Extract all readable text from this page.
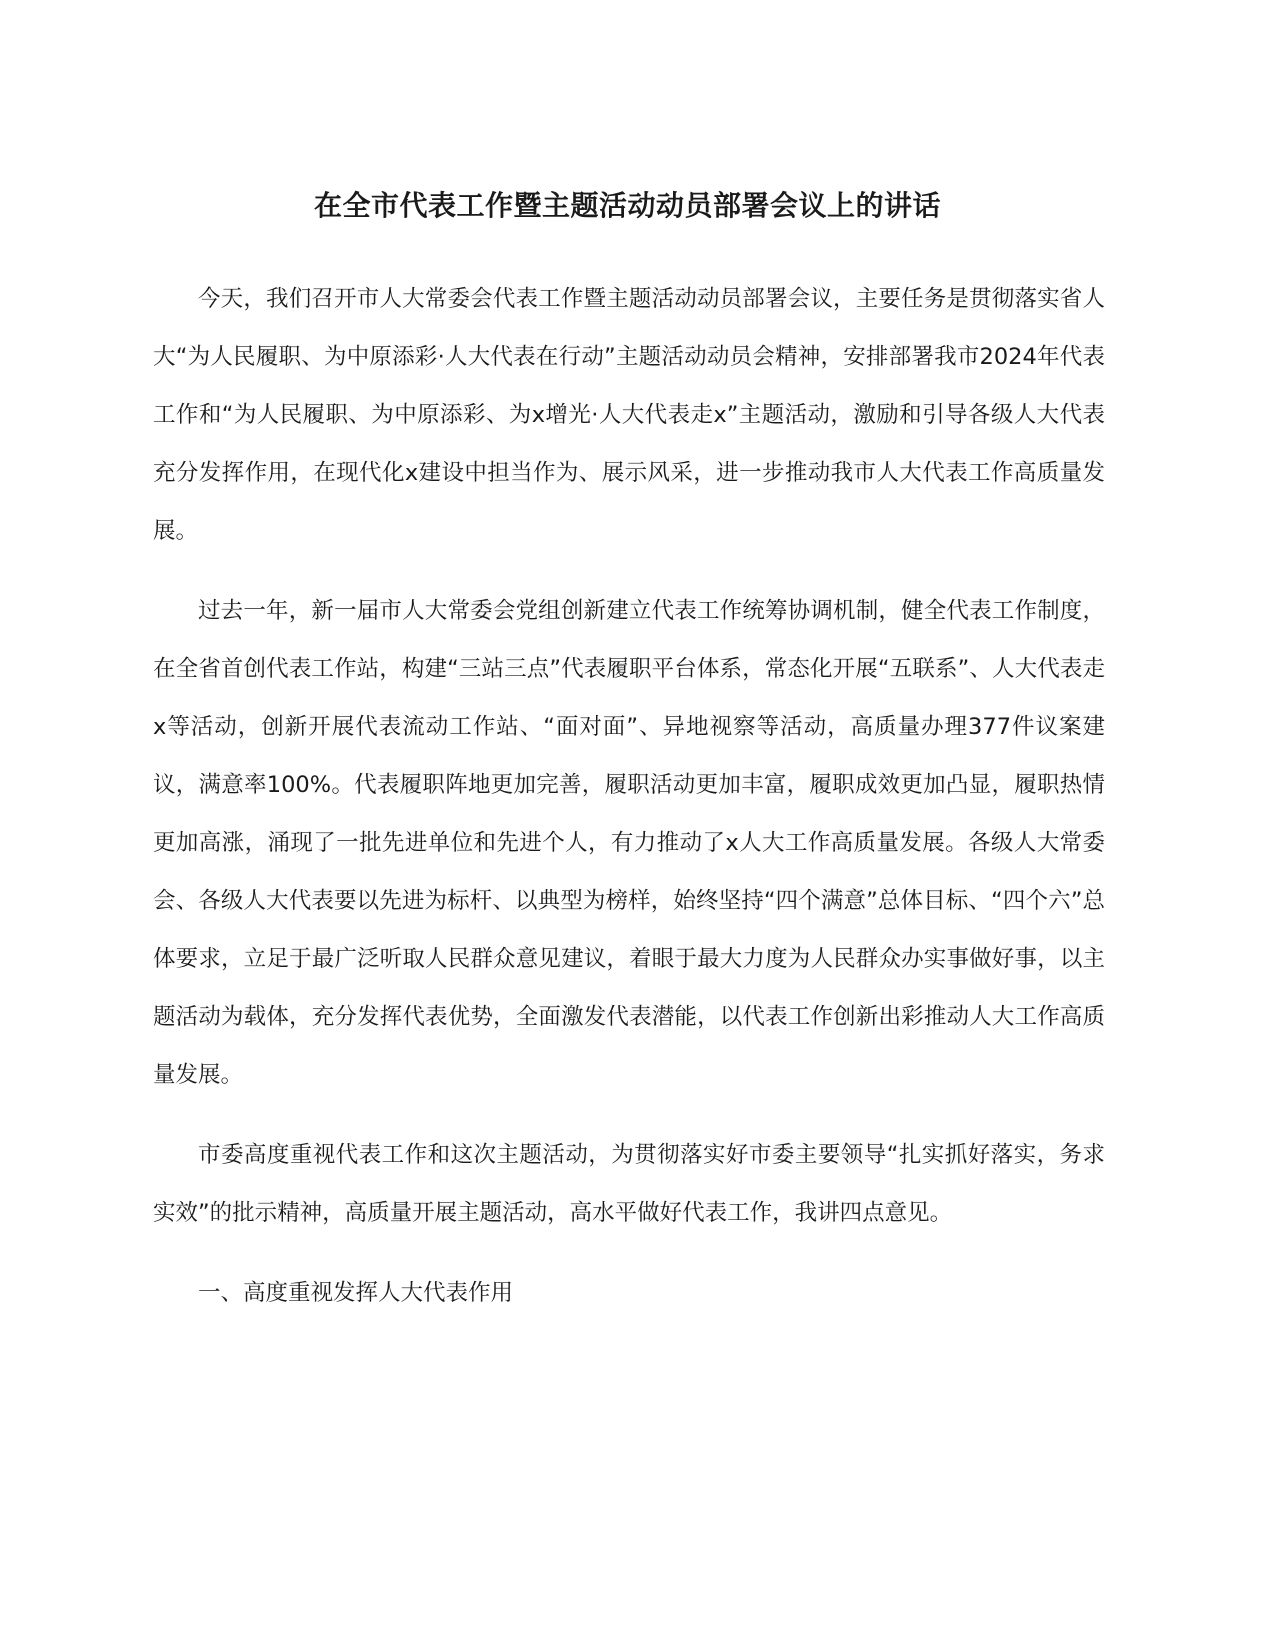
在全市代表工作暨主题活动动员部署会议上的讲话

今天，我们召开市人大常委会代表工作暨主题活动动员部署会议，主要任务是贯彻落实省人大“为人民履职、为中原添彩·人大代表在行动”主题活动动员会精神，安排部署我市2024年代表工作和“为人民履职、为中原添彩、为x增光·人大代表走x”主题活动，激励和引导各级人大代表充分发挥作用，在现代化x建设中担当作为、展示风采，进一步推动我市人大代表工作高质量发展。

过去一年，新一届市人大常委会党组创新建立代表工作统筹协调机制，健全代表工作制度，在全省首创代表工作站，构建“三站三点”代表履职平台体系，常态化开展“五联系”、人大代表走x等活动，创新开展代表流动工作站、“面对面”、异地视察等活动，高质量办理377件议案建议，满意率100%。代表履职阵地更加完善，履职活动更加丰富，履职成效更加凸显，履职热情更加高涨，涌现了一批先进单位和先进个人，有力推动了x人大工作高质量发展。各级人大常委会、各级人大代表要以先进为标杆、以典型为榜样，始终坚持“四个满意”总体目标、“四个六”总体要求，立足于最广泛听取人民群众意见建议，着眼于最大力度为人民群众办实事做好事，以主题活动为载体，充分发挥代表优势，全面激发代表潜能，以代表工作创新出彩推动人大工作高质量发展。

市委高度重视代表工作和这次主题活动，为贯彻落实好市委主要领导“扎实抓好落实，务求实效”的批示精神，高质量开展主题活动，高水平做好代表工作，我讲四点意见。

一、高度重视发挥人大代表作用
